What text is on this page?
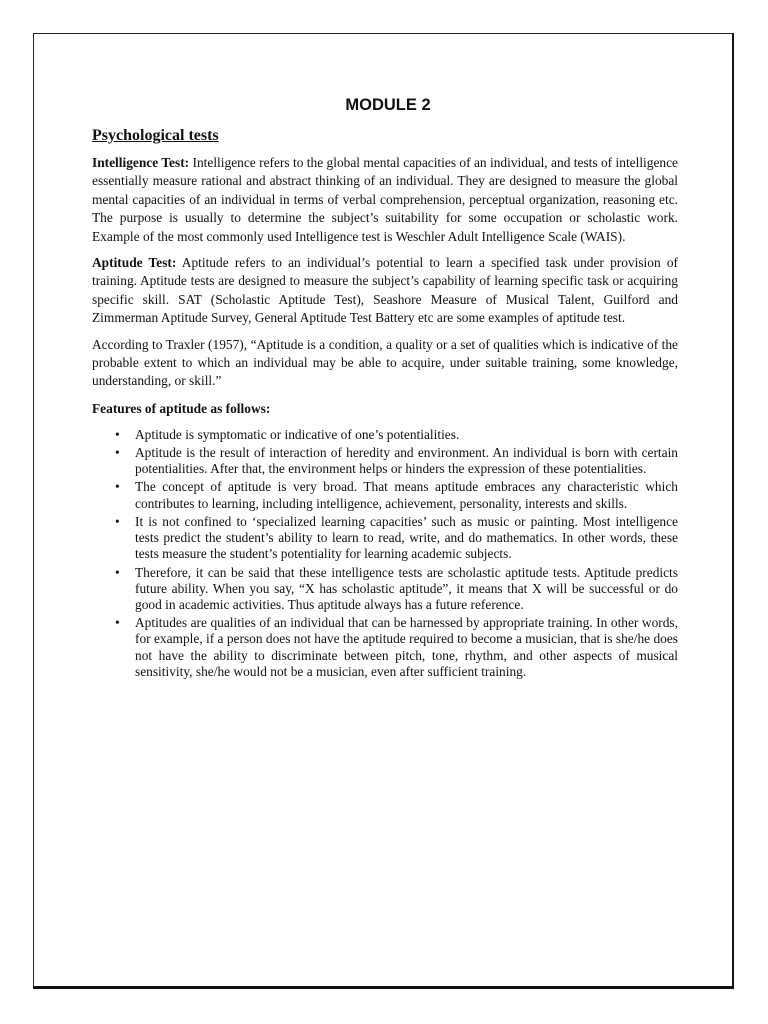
MODULE 2
Psychological tests

Intelligence Test: Intelligence refers to the global mental capacities of an individual, and tests of intelligence essentially measure rational and abstract thinking of an individual. They are designed to measure the global mental capacities of an individual in terms of verbal comprehension, perceptual organization, reasoning etc. The purpose is usually to determine the subject’s suitability for some occupation or scholastic work. Example of the most commonly used Intelligence test is Weschler Adult Intelligence Scale (WAIS).

Aptitude Test: Aptitude refers to an individual’s potential to learn a specified task under provision of training. Aptitude tests are designed to measure the subject’s capability of learning specific task or acquiring specific skill. SAT (Scholastic Aptitude Test), Seashore Measure of Musical Talent, Guilford and Zimmerman Aptitude Survey, General Aptitude Test Battery etc are some examples of aptitude test.

According to Traxler (1957), “Aptitude is a condition, a quality or a set of qualities which is indicative of the probable extent to which an individual may be able to acquire, under suitable training, some knowledge, understanding, or skill.”

Features of aptitude as follows:
• Aptitude is symptomatic or indicative of one’s potentialities.
• Aptitude is the result of interaction of heredity and environment. An individual is born with certain potentialities. After that, the environment helps or hinders the expression of these potentialities.
• The concept of aptitude is very broad. That means aptitude embraces any characteristic which contributes to learning, including intelligence, achievement, personality, interests and skills.
• It is not confined to ‘specialized learning capacities’ such as music or painting. Most intelligence tests predict the student’s ability to learn to read, write, and do mathematics. In other words, these tests measure the student’s potentiality for learning academic subjects.
• Therefore, it can be said that these intelligence tests are scholastic aptitude tests. Aptitude predicts future ability. When you say, “X has scholastic aptitude”, it means that X will be successful or do good in academic activities. Thus aptitude always has a future reference.
• Aptitudes are qualities of an individual that can be harnessed by appropriate training. In other words, for example, if a person does not have the aptitude required to become a musician, that is she/he does not have the ability to discriminate between pitch, tone, rhythm, and other aspects of musical sensitivity, she/he would not be a musician, even after sufficient training.
